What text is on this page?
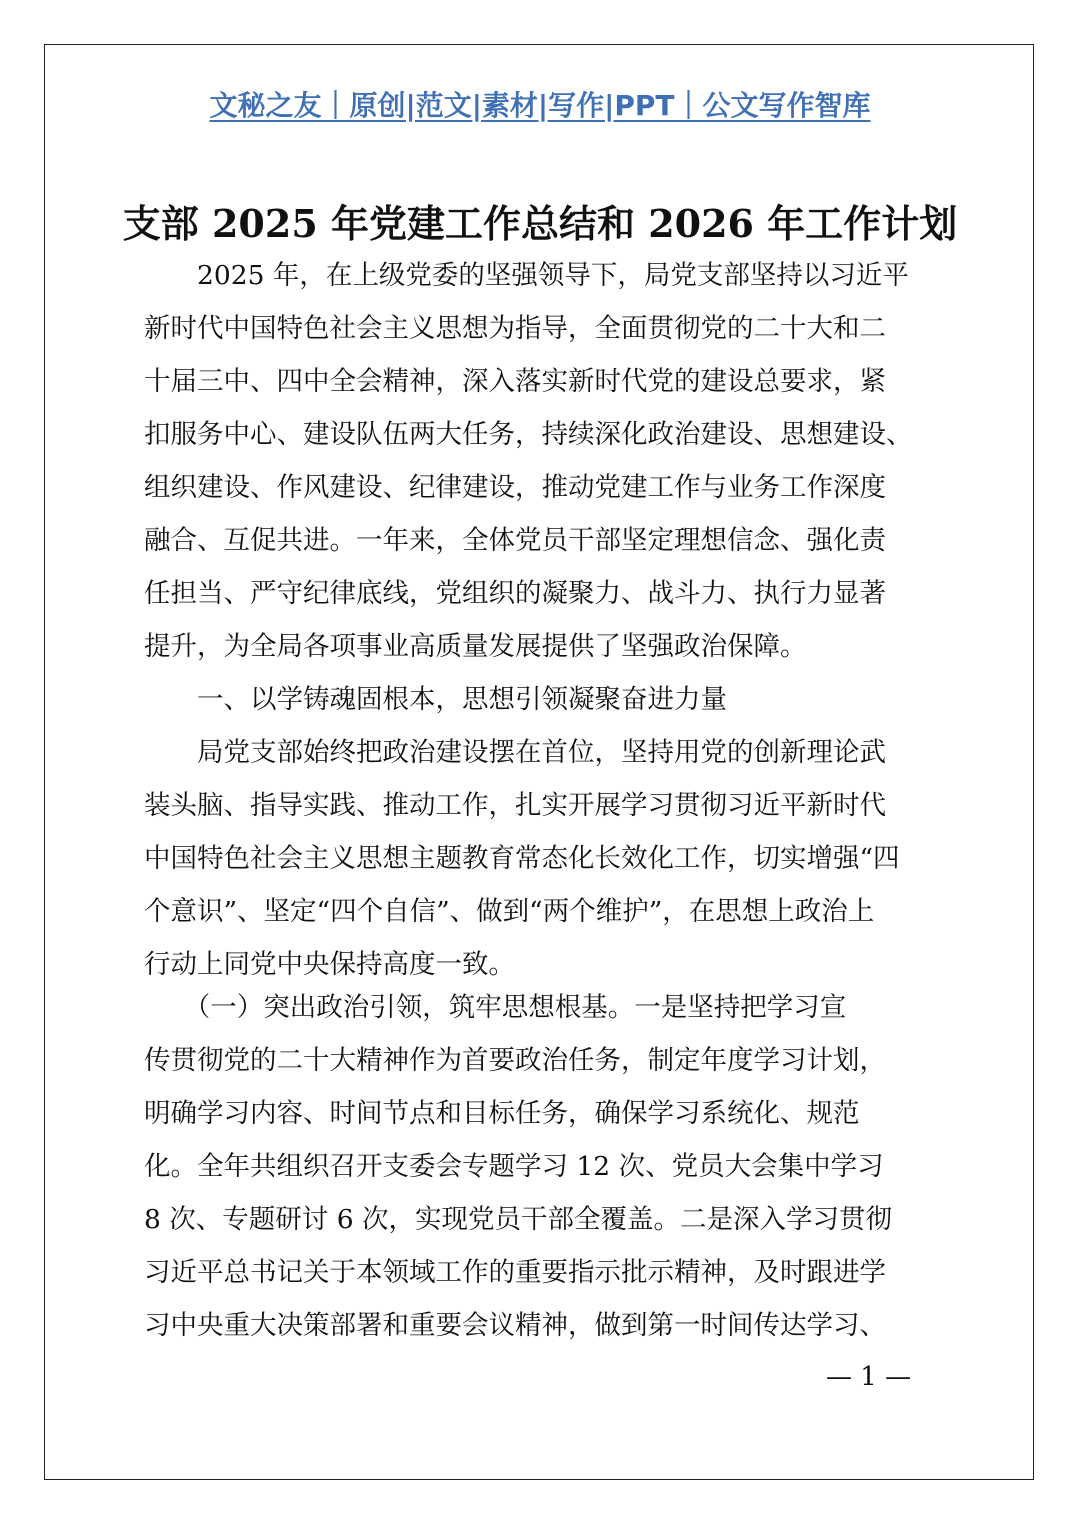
文秘之友｜原创|范文|素材|写作|PPT｜公文写作智库
支部 2025 年党建工作总结和 2026 年工作计划
　　2025 年，在上级党委的坚强领导下，局党支部坚持以习近平
新时代中国特色社会主义思想为指导，全面贯彻党的二十大和二
十届三中、四中全会精神，深入落实新时代党的建设总要求，紧
扣服务中心、建设队伍两大任务，持续深化政治建设、思想建设、
组织建设、作风建设、纪律建设，推动党建工作与业务工作深度
融合、互促共进。一年来，全体党员干部坚定理想信念、强化责
任担当、严守纪律底线，党组织的凝聚力、战斗力、执行力显著
提升，为全局各项事业高质量发展提供了坚强政治保障。
　　一、以学铸魂固根本，思想引领凝聚奋进力量
　　局党支部始终把政治建设摆在首位，坚持用党的创新理论武
装头脑、指导实践、推动工作，扎实开展学习贯彻习近平新时代
中国特色社会主义思想主题教育常态化长效化工作，切实增强“四
个意识”、坚定“四个自信”、做到“两个维护”，在思想上政治上
行动上同党中央保持高度一致。
　　（一）突出政治引领，筑牢思想根基。一是坚持把学习宣
传贯彻党的二十大精神作为首要政治任务，制定年度学习计划，
明确学习内容、时间节点和目标任务，确保学习系统化、规范
化。全年共组织召开支委会专题学习 12 次、党员大会集中学习
8 次、专题研讨 6 次，实现党员干部全覆盖。二是深入学习贯彻
习近平总书记关于本领域工作的重要指示批示精神，及时跟进学
习中央重大决策部署和重要会议精神，做到第一时间传达学习、
— 1 —
